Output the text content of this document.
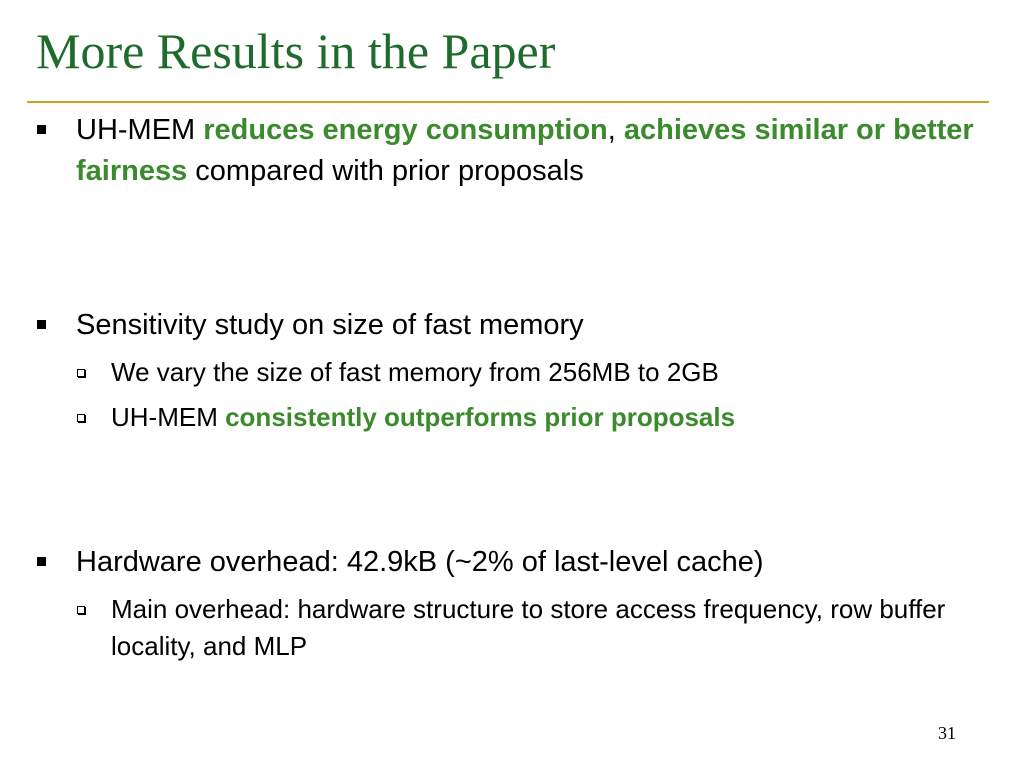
More Results in the Paper
UH-MEM reduces energy consumption, achieves similar or better fairness compared with prior proposals
Sensitivity study on size of fast memory
We vary the size of fast memory from 256MB to 2GB
UH-MEM consistently outperforms prior proposals
Hardware overhead: 42.9kB (~2% of last-level cache)
Main overhead: hardware structure to store access frequency, row buffer locality, and MLP
31
